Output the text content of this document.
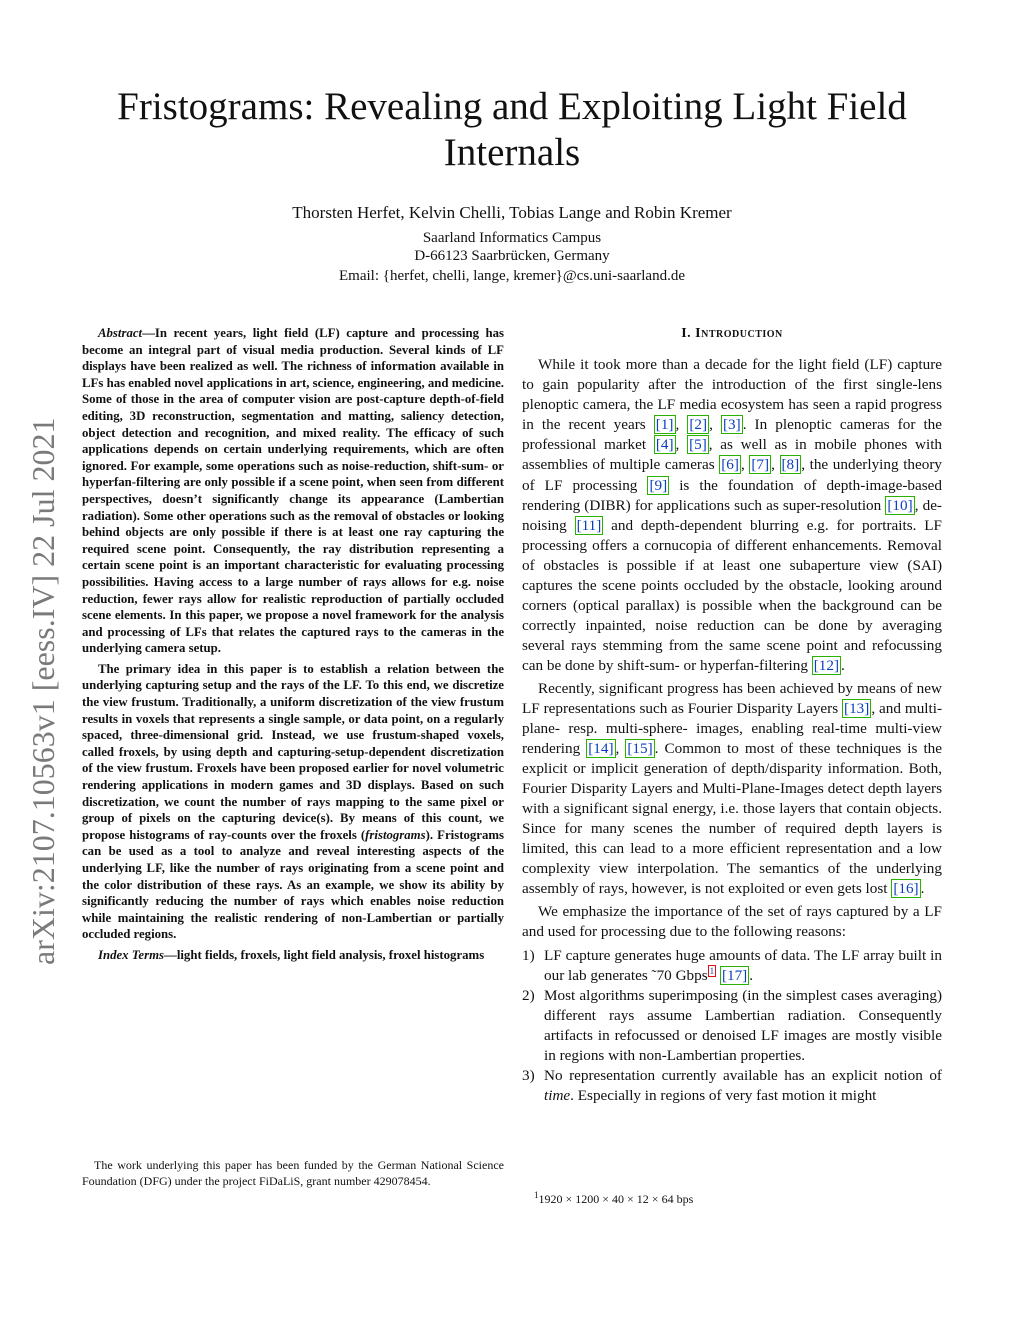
Fristograms: Revealing and Exploiting Light Field Internals
Thorsten Herfet, Kelvin Chelli, Tobias Lange and Robin Kremer
Saarland Informatics Campus
D-66123 Saarbrücken, Germany
Email: {herfet, chelli, lange, kremer}@cs.uni-saarland.de
arXiv:2107.10563v1 [eess.IV] 22 Jul 2021

Abstract—In recent years, light field (LF) capture and processing has become an integral part of visual media production. Several kinds of LF displays have been realized as well. The richness of information available in LFs has enabled novel applications in art, science, engineering, and medicine. Some of those in the area of computer vision are post-capture depth-of-field editing, 3D reconstruction, segmentation and matting, saliency detection, object detection and recognition, and mixed reality. The efficacy of such applications depends on certain underlying requirements, which are often ignored. For example, some operations such as noise-reduction, shift-sum- or hyperfan-filtering are only possible if a scene point, when seen from different perspectives, doesn’t significantly change its appearance (Lambertian radiation). Some other operations such as the removal of obstacles or looking behind objects are only possible if there is at least one ray capturing the required scene point. Consequently, the ray distribution representing a certain scene point is an important characteristic for evaluating processing possibilities. Having access to a large number of rays allows for e.g. noise reduction, fewer rays allow for realistic reproduction of partially occluded scene elements. In this paper, we propose a novel framework for the analysis and processing of LFs that relates the captured rays to the cameras in the underlying camera setup.

The primary idea in this paper is to establish a relation between the underlying capturing setup and the rays of the LF. To this end, we discretize the view frustum. Traditionally, a uniform discretization of the view frustum results in voxels that represents a single sample, or data point, on a regularly spaced, three-dimensional grid. Instead, we use frustum-shaped voxels, called froxels, by using depth and capturing-setup-dependent discretization of the view frustum. Froxels have been proposed earlier for novel volumetric rendering applications in modern games and 3D displays. Based on such discretization, we count the number of rays mapping to the same pixel or group of pixels on the capturing device(s). By means of this count, we propose histograms of ray-counts over the froxels (fristograms). Fristograms can be used as a tool to analyze and reveal interesting aspects of the underlying LF, like the number of rays originating from a scene point and the color distribution of these rays. As an example, we show its ability by significantly reducing the number of rays which enables noise reduction while maintaining the realistic rendering of non-Lambertian or partially occluded regions.

Index Terms—light fields, froxels, light field analysis, froxel histograms

The work underlying this paper has been funded by the German National Science Foundation (DFG) under the project FiDaLiS, grant number 429078454.

I. Introduction

While it took more than a decade for the light field (LF) capture to gain popularity after the introduction of the first single-lens plenoptic camera, the LF media ecosystem has seen a rapid progress in the recent years [1] , [2] , [3] . In plenoptic cameras for the professional market [4] , [5] , as well as in mobile phones with assemblies of multiple cameras [6] , [7] , [8] , the underlying theory of LF processing [9] is the foundation of depth-image-based rendering (DIBR) for applications such as super-resolution [10] , de-noising [11] and depth-dependent blurring e.g. for portraits. LF processing offers a cornucopia of different enhancements. Removal of obstacles is possible if at least one subaperture view (SAI) captures the scene points occluded by the obstacle, looking around corners (optical parallax) is possible when the background can be correctly inpainted, noise reduction can be done by averaging several rays stemming from the same scene point and refocussing can be done by shift-sum- or hyperfan-filtering [12] .

Recently, significant progress has been achieved by means of new LF representations such as Fourier Disparity Layers [13] , and multi-plane- resp. multi-sphere- images, enabling real-time multi-view rendering [14] , [15] . Common to most of these techniques is the explicit or implicit generation of depth/disparity information. Both, Fourier Disparity Layers and Multi-Plane-Images detect depth layers with a significant signal energy, i.e. those layers that contain objects. Since for many scenes the number of required depth layers is limited, this can lead to a more efficient representation and a low complexity view interpolation. The semantics of the underlying assembly of rays, however, is not exploited or even gets lost [16] .

We emphasize the importance of the set of rays captured by a LF and used for processing due to the following reasons:

1) LF capture generates huge amounts of data. The LF array built in our lab generates ˜70 Gbps $^1$ [17] .
2) Most algorithms superimposing (in the simplest cases averaging) different rays assume Lambertian radiation. Consequently artifacts in refocussed or denoised LF images are mostly visible in regions with non-Lambertian properties.
3) No representation currently available has an explicit notion of time. Especially in regions of very fast motion it might

$^1$1920 × 1200 × 40 × 12 × 64 bps
